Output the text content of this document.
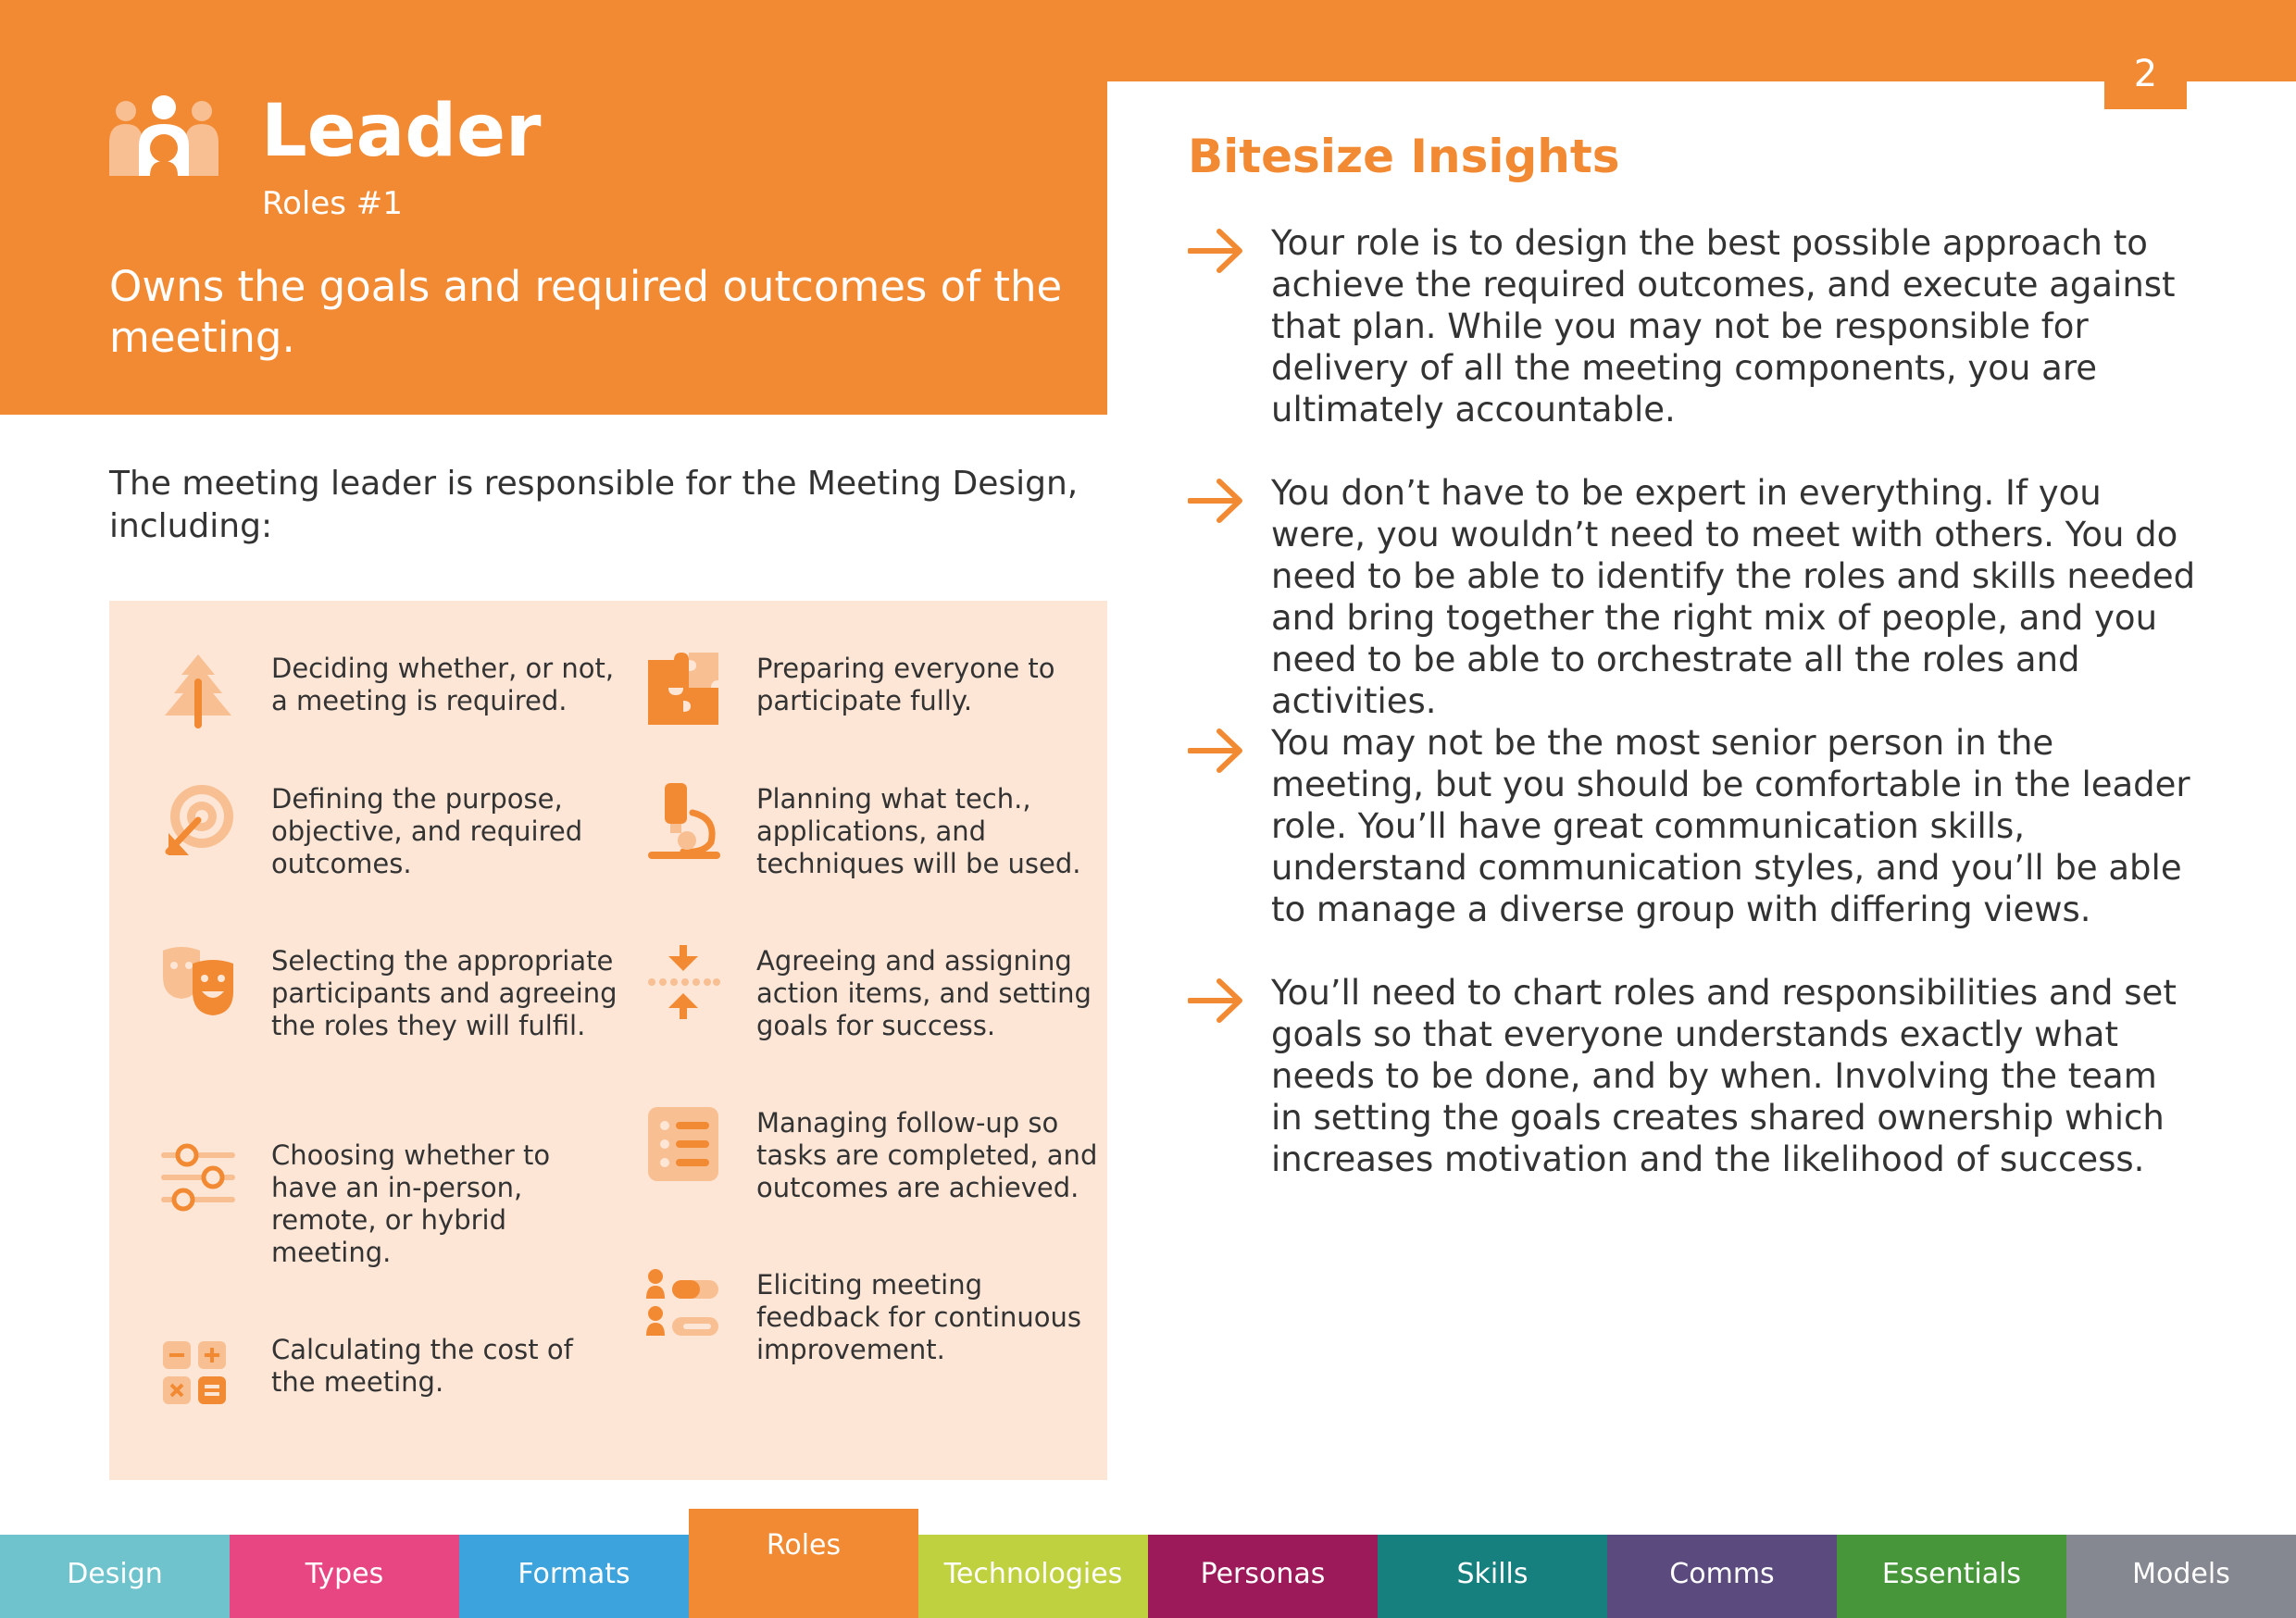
2
Leader
Roles #1
Owns the goals and required outcomes of the meeting.
The meeting leader is responsible for the Meeting Design, including:
Deciding whether, or not, a meeting is required.
Defining the purpose, objective, and required outcomes.
Selecting the appropriate participants and agreeing the roles they will fulfil.
Choosing whether to have an in-person, remote, or hybrid meeting.
Calculating the cost of the meeting.
Preparing everyone to participate fully.
Planning what tech., applications, and techniques will be used.
Agreeing and assigning action items, and setting goals for success.
Managing follow-up so tasks are completed, and outcomes are achieved.
Eliciting meeting feedback for continuous improvement.
Bitesize Insights
Your role is to design the best possible approach to achieve the required outcomes, and execute against that plan. While you may not be responsible for delivery of all the meeting components, you are ultimately accountable.
You don’t have to be expert in everything. If you were, you wouldn’t need to meet with others. You do need to be able to identify the roles and skills needed and bring together the right mix of people, and you need to be able to orchestrate all the roles and activities.
You may not be the most senior person in the meeting, but you should be comfortable in the leader role. You’ll have great communication skills, understand communication styles, and you’ll be able to manage a diverse group with differing views.
You’ll need to chart roles and responsibilities and set goals so that everyone understands exactly what needs to be done, and by when. Involving the team in setting the goals creates shared ownership which increases motivation and the likelihood of success.
Design	Types	Formats
Roles
Technologies	Personas	Skills	Comms	Essentials	Models
